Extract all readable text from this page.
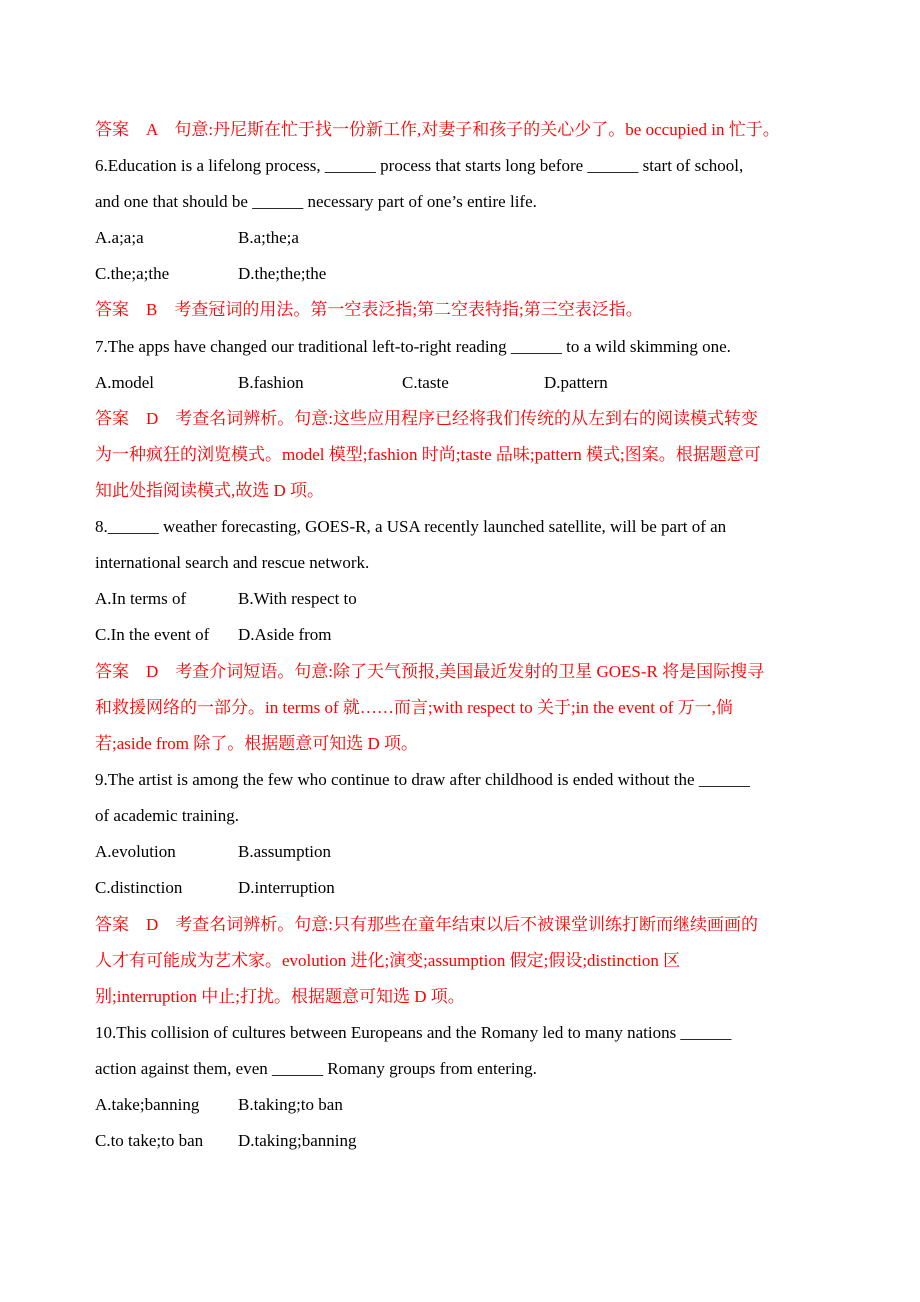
答案　A　句意:丹尼斯在忙于找一份新工作,对妻子和孩子的关心少了。be occupied in 忙于。
6.Education is a lifelong process, ______ process that starts long before ______ start of school,
and one that should be ______ necessary part of one’s entire life.
A.a;a;a	B.a;the;a
C.the;a;the	D.the;the;the
答案　B　考查冠词的用法。第一空表泛指;第二空表特指;第三空表泛指。
7.The apps have changed our traditional left-to-right reading ______ to a wild skimming one.
A.model	B.fashion	C.taste	D.pattern
答案　D　考查名词辨析。句意:这些应用程序已经将我们传统的从左到右的阅读模式转变
为一种疯狂的浏览模式。model 模型;fashion 时尚;taste 品味;pattern 模式;图案。根据题意可
知此处指阅读模式,故选 D 项。
8.______ weather forecasting, GOES-R, a USA recently launched satellite, will be part of an
international search and rescue network.
A.In terms of	B.With respect to
C.In the event of D.Aside from
答案　D　考查介词短语。句意:除了天气预报,美国最近发射的卫星 GOES-R 将是国际搜寻
和救援网络的一部分。in terms of 就……而言;with respect to 关于;in the event of 万一,倘
若;aside from 除了。根据题意可知选 D 项。
9.The artist is among the few who continue to draw after childhood is ended without the ______
of academic training.
A.evolution	B.assumption
C.distinction	D.interruption
答案　D　考查名词辨析。句意:只有那些在童年结束以后不被课堂训练打断而继续画画的
人才有可能成为艺术家。evolution 进化;演变;assumption 假定;假设;distinction 区
别;interruption 中止;打扰。根据题意可知选 D 项。
10.This collision of cultures between Europeans and the Romany led to many nations ______
action against them, even ______ Romany groups from entering.
A.take;banning B.taking;to ban
C.to take;to ban D.taking;banning
